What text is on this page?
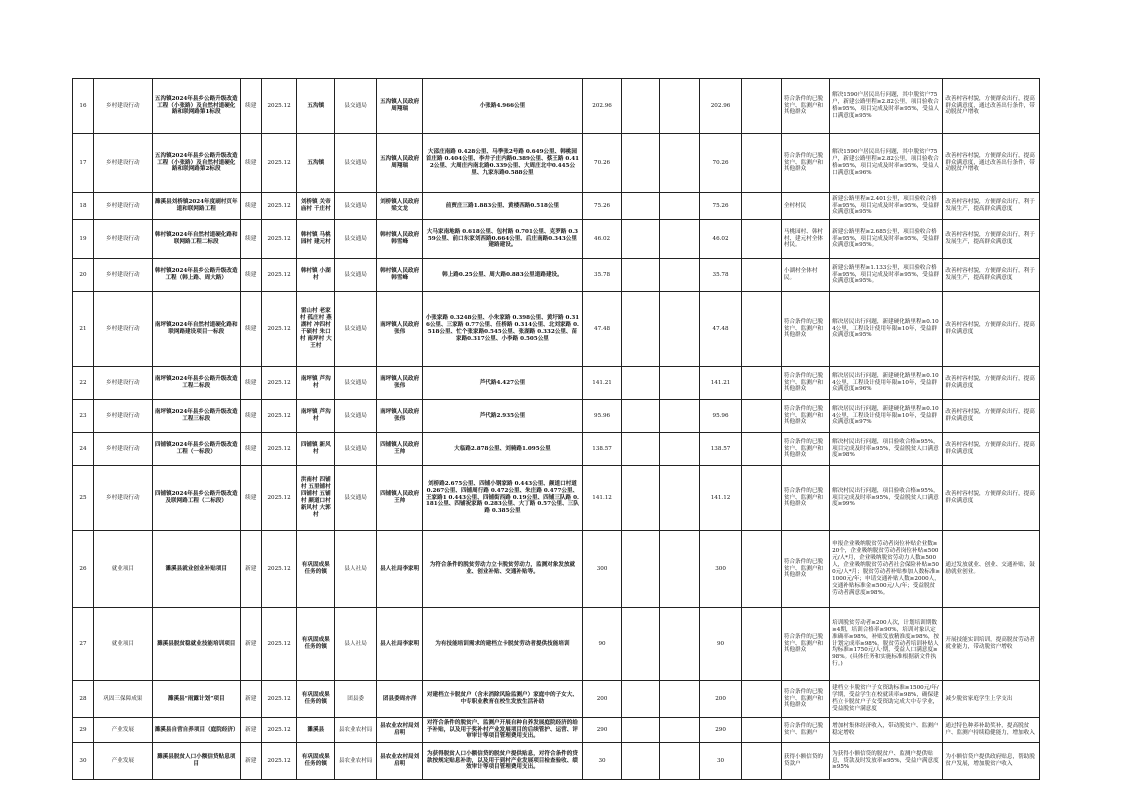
16	乡村建设行动	五沟镇2024年县乡公路升级改造工程（小张路）及自然村道硬化路和联网路第1标段	续建	2025.12	五沟镇	县交通局	五沟镇人民政府周翔瑞	小张路4.966公里	202.96			202.96		符合条件的已脱贫户、监测户和其他群众	解决1590户居民出行问题，其中脱贫户75户，新建公路里程≥2.82公里，项目验收合格≥95%，项目完成及时率≥95%，受益人口满意度≥95%	改善村容村貌，方便群众出行，提高群众满意度，通过改善出行条件，带动脱贫户增收
17	乡村建设行动	五沟镇2024年县乡公路升级改造工程（小张路）及自然村道硬化路和联网路第2标段	续建	2025.12	五沟镇	县交通局	五沟镇人民政府周翔瑞	大邵庄南路 0.428公里、马季张2号路 0.649公里、韩桃园首庄路 0.404公里、李井子庄内路0.389公里、蔡王路 0.412公里、大周庄内南北路0.339公里、大周庄北中0.445公里、九家东路0.588公里	70.26			70.26		符合条件的已脱贫户、监测户和其他群众	解决1590户居民出行问题，其中脱贫户75户，新建公路里程≥2.82公里，项目验收合格≥95%，项目完成及时率≥95%，受益人口满意度≥96%	改善村容村貌，方便群众出行，提高群众满意度，通过改善出行条件，带动脱贫户增收
18	乡村建设行动	濉溪县刘桥镇2024年度刷村页年道和联网路工程	续建	2025.12	刘桥镇 关帝庙村 千庄村	县交通局	刘桥镇人民政府梁文龙	前贾庄三路1.883公里、黄楼西路0.518公里	75.26			75.26		全村村民	新建公路里程≥2.401公里，项目验收合格率≥95%，项目完成及时率≥95%，受益群众满意度≥95%	改善村容村貌，方便群众出行，利于发展生产，提高群众满意度
19	乡村建设行动	韩村镇2024年自然村道硬化路和联网路工程二标段	续建	2025.12	韩村镇 马桃园村 建元村	县交通局	韩村镇人民政府韩雪峰	大马家南地路 0.618公里、包村路 0.701公里、克罗路 0.359公里、前口东家刘西路0.664公里、后庄南路0.343公里建路建设。	46.02			46.02		马桃园村、韩村村、建元村全体村民。	新建公路里程≥2.685公里，项目验收合格率≥95%，项目完成及时率≥95%，受益群众满意度≥95%。	改善村容村貌，方便群众出行，利于发展生产，提高群众满意度
20	乡村建设行动	韩村镇2024年县乡公路升级改造工程（韩上路、周大路）	续建	2025.12	韩村镇 小湖村	县交通局	韩村镇人民政府韩雪峰	韩上路0.25公里、周大路0.883公里道路建设。	35.78			35.78		小湖村全体村民。	新建公路里程≥1.133公里，项目验收合格率≥95%，项目完成及时率≥95%，受益群众满意度≥95%。	改善村容村貌，方便群众出行，利于发展生产，提高群众满意度
21	乡村建设行动	南坪镇2024年自然村道硬化路和联网路建设项目一标段	续建	2025.12	雷山村 老家村 孤庄村 燕湖村 冲四村 千硕村 朱口村 南坪村 大王村	县交通局	南坪镇人民政府张伟	小张家路 0.3248公里、小朱家路 0.398公里、黄圩路 0.316公里、三家路 0.77公里、任桥路 0.314公里、北刘家路 0.518公里、忙个张家路0.545公里、张湖路 0.332公里、苗家路0.317公里、小李路 0.505公里	47.48			47.48		符合条件的已脱贫户、监测户和其他群众	解决居民出行问题，新建硬化路里程≥0.104公里，工程设计使用年限≥10年，受益群众满意度≥95%	改善村容村貌，方便群众出行，提高群众满意度
22	乡村建设行动	南坪镇2024年县乡公路升级改造工程二标段	续建	2025.12	南坪镇 芦沟村	县交通局	南坪镇人民政府张伟	芦代路4.427公里	141.21			141.21		符合条件的已脱贫户、监测户和其他群众	解决居民出行问题，新建硬化路里程≥0.104公里，工程设计使用年限≥10年，受益群众满意度≥96%	改善村容村貌，方便群众出行，提高群众满意度
23	乡村建设行动	南坪镇2024年县乡公路升级改造工程三标段	续建	2025.12	南坪镇 芦沟村	县交通局	南坪镇人民政府张伟	芦代路2.935公里	95.96			95.96		符合条件的已脱贫户、监测户和其他群众	解决居民出行问题，新建硬化路里程≥0.104公里，工程设计使用年限≥10年，受益群众满意度≥97%	改善村容村貌，方便群众出行，提高群众满意度
24	乡村建设行动	四铺镇2024年县乡公路升级改造工程（一标段）	续建	2025.12	四铺镇 新风村	县交通局	四铺镇人民政府王帅	大临路2.878公里、刘骑路1.095公里	138.57			138.57		符合条件的已脱贫户、监测户和其他群众	解决村民出行问题，项目验收合格≥95%，项目完成及时率≥95%，受益脱贫人口满意度≥98%	改善村容村貌，方便群众出行，提高群众满意度
25	乡村建设行动	四铺镇2024年县乡公路升级改造及联网路工程（二标段）	续建	2025.12	洪南村 四铺村 五里铺村 四铺村 五铺村 颜道口村 新风村 大郭村	县交通局	四铺镇人民政府王帅	刘桥路2.675公里、四铺小钢家路 0.443公里、颜道口村道 0.267公里、四铺周行路 0.472公里、朱庄路 0.477公里、王家路1 0.443公里、四铺街西路 0.19公里、四铺三队路 0.181公里、四铺祝家路 0.283公里、大丁路 0.57公里、三队路 0.385公里	141.12			141.12		符合条件的已脱贫户、监测户和其他群众	解决村民出行问题，项目验收合格≥95%，项目完成及时率≥95%，受益脱贫人口满意度≥99%	改善村容村貌，方便群众出行，提高群众满意度
26	就业项目	濉溪县就业创业补贴项目	新建	2025.12	有巩固成果任务的镇	县人社局	县人社局李家明	为符合条件的脱贫劳动力立卡脱贫劳动力，监测对象发放就业、创业补贴、交通补贴等。	300			300		符合条件的已脱贫户、监测户和其他群众	申报企业吸纳脱贫劳动者岗位补贴企业数≥20个，企业吸纳脱贫劳动者岗位补贴≤500元/人*月，企业吸纳脱贫劳动力人数≥500人，企业吸纳脱贫劳动者社会保险补贴≥500元/人*月；脱贫劳动者补贴参加人数标准≥1000元/年；申请交通补贴人数≥2000人，交通补贴标准金≤500元/人/年；受益脱贫劳动者满意度≥98%。	通过发放就业、创业、交通补贴，鼓励就业创业。
27	就业项目	濉溪县脱贫稳就业技能培训项目	新建	2025.12	有巩固成果任务的镇	县人社局	县人社局李家明	为有技能培训需求的建档立卡脱贫劳动者提供技能培训	90			90		符合条件的已脱贫户、监测户和其他群众	培训脱贫劳动者≥200人次，计划培训期数≥4期，培训合格率≥90%，培训对象认定准确率≥98%，补贴发放精准度≥98%，按计划完成率≥98%，脱贫劳动者培训补贴人均标准≥1750元/人·期，受益人口满意度≥98%。(具体任务和实施标准根据新文件执行。)	开展技能实训培训，提高脱贫劳动者就业能力，带动脱贫户增收
28	巩固三保障成果	濉溪县“雨露计划”项目	新建	2025.12	有巩固成果任务的镇	团县委	团县委周亦洋	对建档立卡脱贫户（含未消除风险监测户）家庭中的子女大、中专职业教育在校生发放生活补助	200			200		符合条件的已脱贫户、监测户和其他群众	建档立卡脱贫户子女资助标准≥1500元/年/学期，受益学生在校就读率≥98%，确保建档立卡脱贫户子女受资助完成大中专学业，受益脱贫户满意度	减少脱贫家庭学生上学支出
29	产业发展	濉溪县自营自养项目（庭院经济）	新建	2025.12	濉溪县	县农业农村局	县农业农村局刘启明	对符合条件的脱贫户、监测户开展自种自养发展庭院经济的给予补贴，以及用于奖补村产业发展项目的后续管护、运营、评审审计等项目管理费用支出。	290			290		符合条件的已脱贫户、监测户	增加村集体经济收入，带动脱贫户、监测户稳定增收	通过特色种养补助奖补，提高脱贫户、监测户持续稳健能力，增加收入
30	产业发展	濉溪县脱贫人口小额信贷贴息项目	新建	2025.12	有巩固成果任务的镇	县农业农村局	县农业农村局刘启明	为获得脱贫人口小额信贷的脱贫户提供贴息，对符合条件的贷款按规定贴息补助，以及用于到村产业发展项目检查验收、绩效审计等项目管理费用支出。	30			30		获得小额信贷的贷款户	为获得小额信贷的脱贫户、监测户提供贴息，贷款及时发放率≥95%，受益户满意度≥95%	为小额信贷户提供政府贴息，帮助脱贫户发展，增加脱贫户收入
